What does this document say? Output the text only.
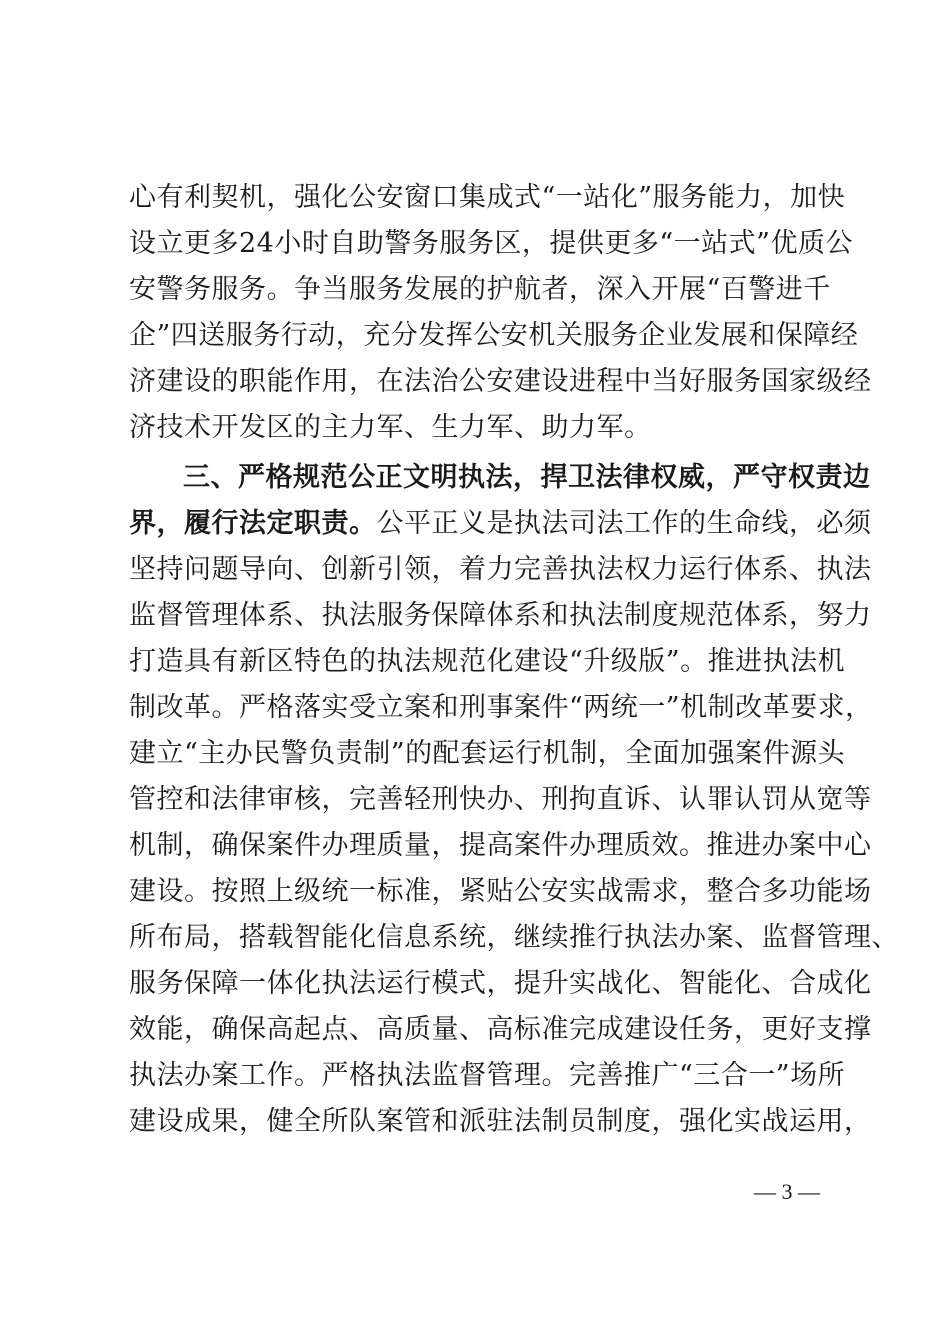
心有利契机，强化公安窗口集成式“一站化”服务能力，加快
设立更多24小时自助警务服务区，提供更多“一站式”优质公
安警务服务。争当服务发展的护航者，深入开展“百警进千
企”四送服务行动，充分发挥公安机关服务企业发展和保障经
济建设的职能作用，在法治公安建设进程中当好服务国家级经
济技术开发区的主力军、生力军、助力军。
三、严格规范公正文明执法，捍卫法律权威，严守权责边
界，履行法定职责。公平正义是执法司法工作的生命线，必须
坚持问题导向、创新引领，着力完善执法权力运行体系、执法
监督管理体系、执法服务保障体系和执法制度规范体系，努力
打造具有新区特色的执法规范化建设“升级版”。推进执法机
制改革。严格落实受立案和刑事案件“两统一”机制改革要求，
建立“主办民警负责制”的配套运行机制，全面加强案件源头
管控和法律审核，完善轻刑快办、刑拘直诉、认罪认罚从宽等
机制，确保案件办理质量，提高案件办理质效。推进办案中心
建设。按照上级统一标准，紧贴公安实战需求，整合多功能场
所布局，搭载智能化信息系统，继续推行执法办案、监督管理、
服务保障一体化执法运行模式，提升实战化、智能化、合成化
效能，确保高起点、高质量、高标准完成建设任务，更好支撑
执法办案工作。严格执法监督管理。完善推广“三合一”场所
建设成果，健全所队案管和派驻法制员制度，强化实战运用，
— 3 —
